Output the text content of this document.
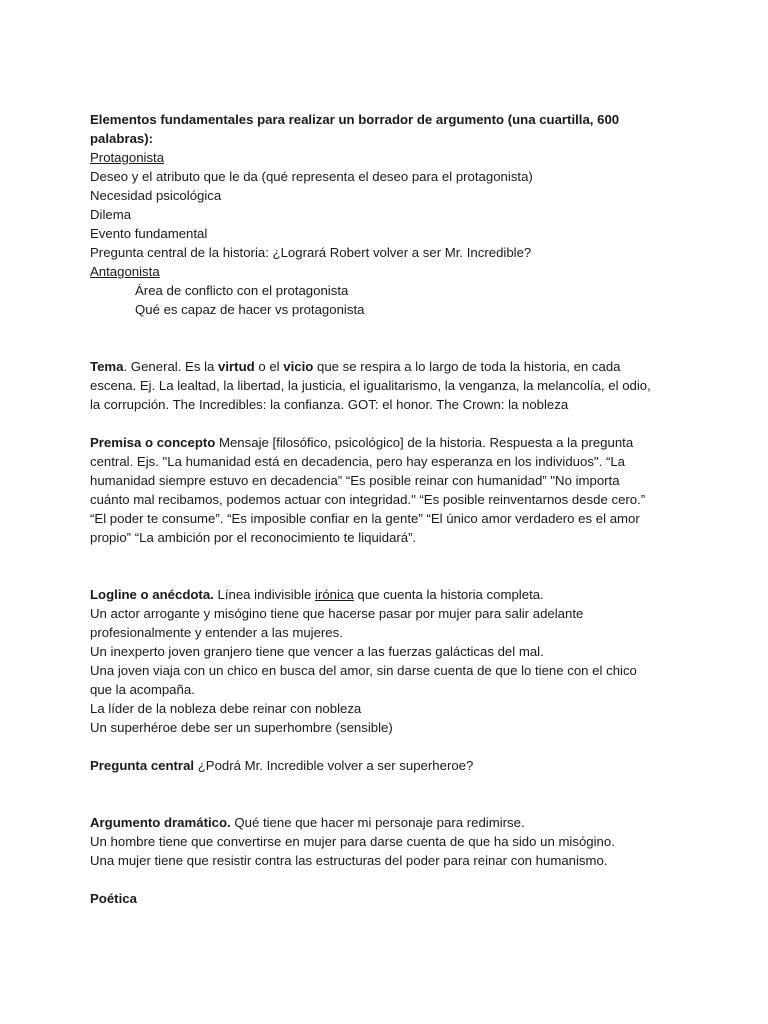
Elementos fundamentales para realizar un borrador de argumento (una cuartilla, 600
palabras):
Protagonista
Deseo y el atributo que le da (qué representa el deseo para el protagonista)
Necesidad psicológica
Dilema
Evento fundamental
Pregunta central de la historia: ¿Logrará Robert volver a ser Mr. Incredible?
Antagonista
Área de conflicto con el protagonista
Qué es capaz de hacer vs protagonista
Tema. General. Es la virtud o el vicio que se respira a lo largo de toda la historia, en cada
escena. Ej. La lealtad, la libertad, la justicia, el igualitarismo, la venganza, la melancolía, el odio,
la corrupción. The Incredibles: la confianza. GOT: el honor. The Crown: la nobleza
Premisa o concepto Mensaje [filosófico, psicológico] de la historia. Respuesta a la pregunta
central. Ejs. "La humanidad está en decadencia, pero hay esperanza en los individuos". “La
humanidad siempre estuvo en decadencia” “Es posible reinar con humanidad” "No importa
cuánto mal recibamos, podemos actuar con integridad." “Es posible reinventarnos desde cero.”
“El poder te consume”. “Es imposible confiar en la gente” “El único amor verdadero es el amor
propio” “La ambición por el reconocimiento te liquidará”.
Logline o anécdota. Línea indivisible irónica que cuenta la historia completa.
Un actor arrogante y misógino tiene que hacerse pasar por mujer para salir adelante
profesionalmente y entender a las mujeres.
Un inexperto joven granjero tiene que vencer a las fuerzas galácticas del mal.
Una joven viaja con un chico en busca del amor, sin darse cuenta de que lo tiene con el chico
que la acompaña.
La líder de la nobleza debe reinar con nobleza
Un superhéroe debe ser un superhombre (sensible)
Pregunta central ¿Podrá Mr. Incredible volver a ser superheroe?
Argumento dramático. Qué tiene que hacer mi personaje para redimirse.
Un hombre tiene que convertirse en mujer para darse cuenta de que ha sido un misógino.
Una mujer tiene que resistir contra las estructuras del poder para reinar con humanismo.
Poética
